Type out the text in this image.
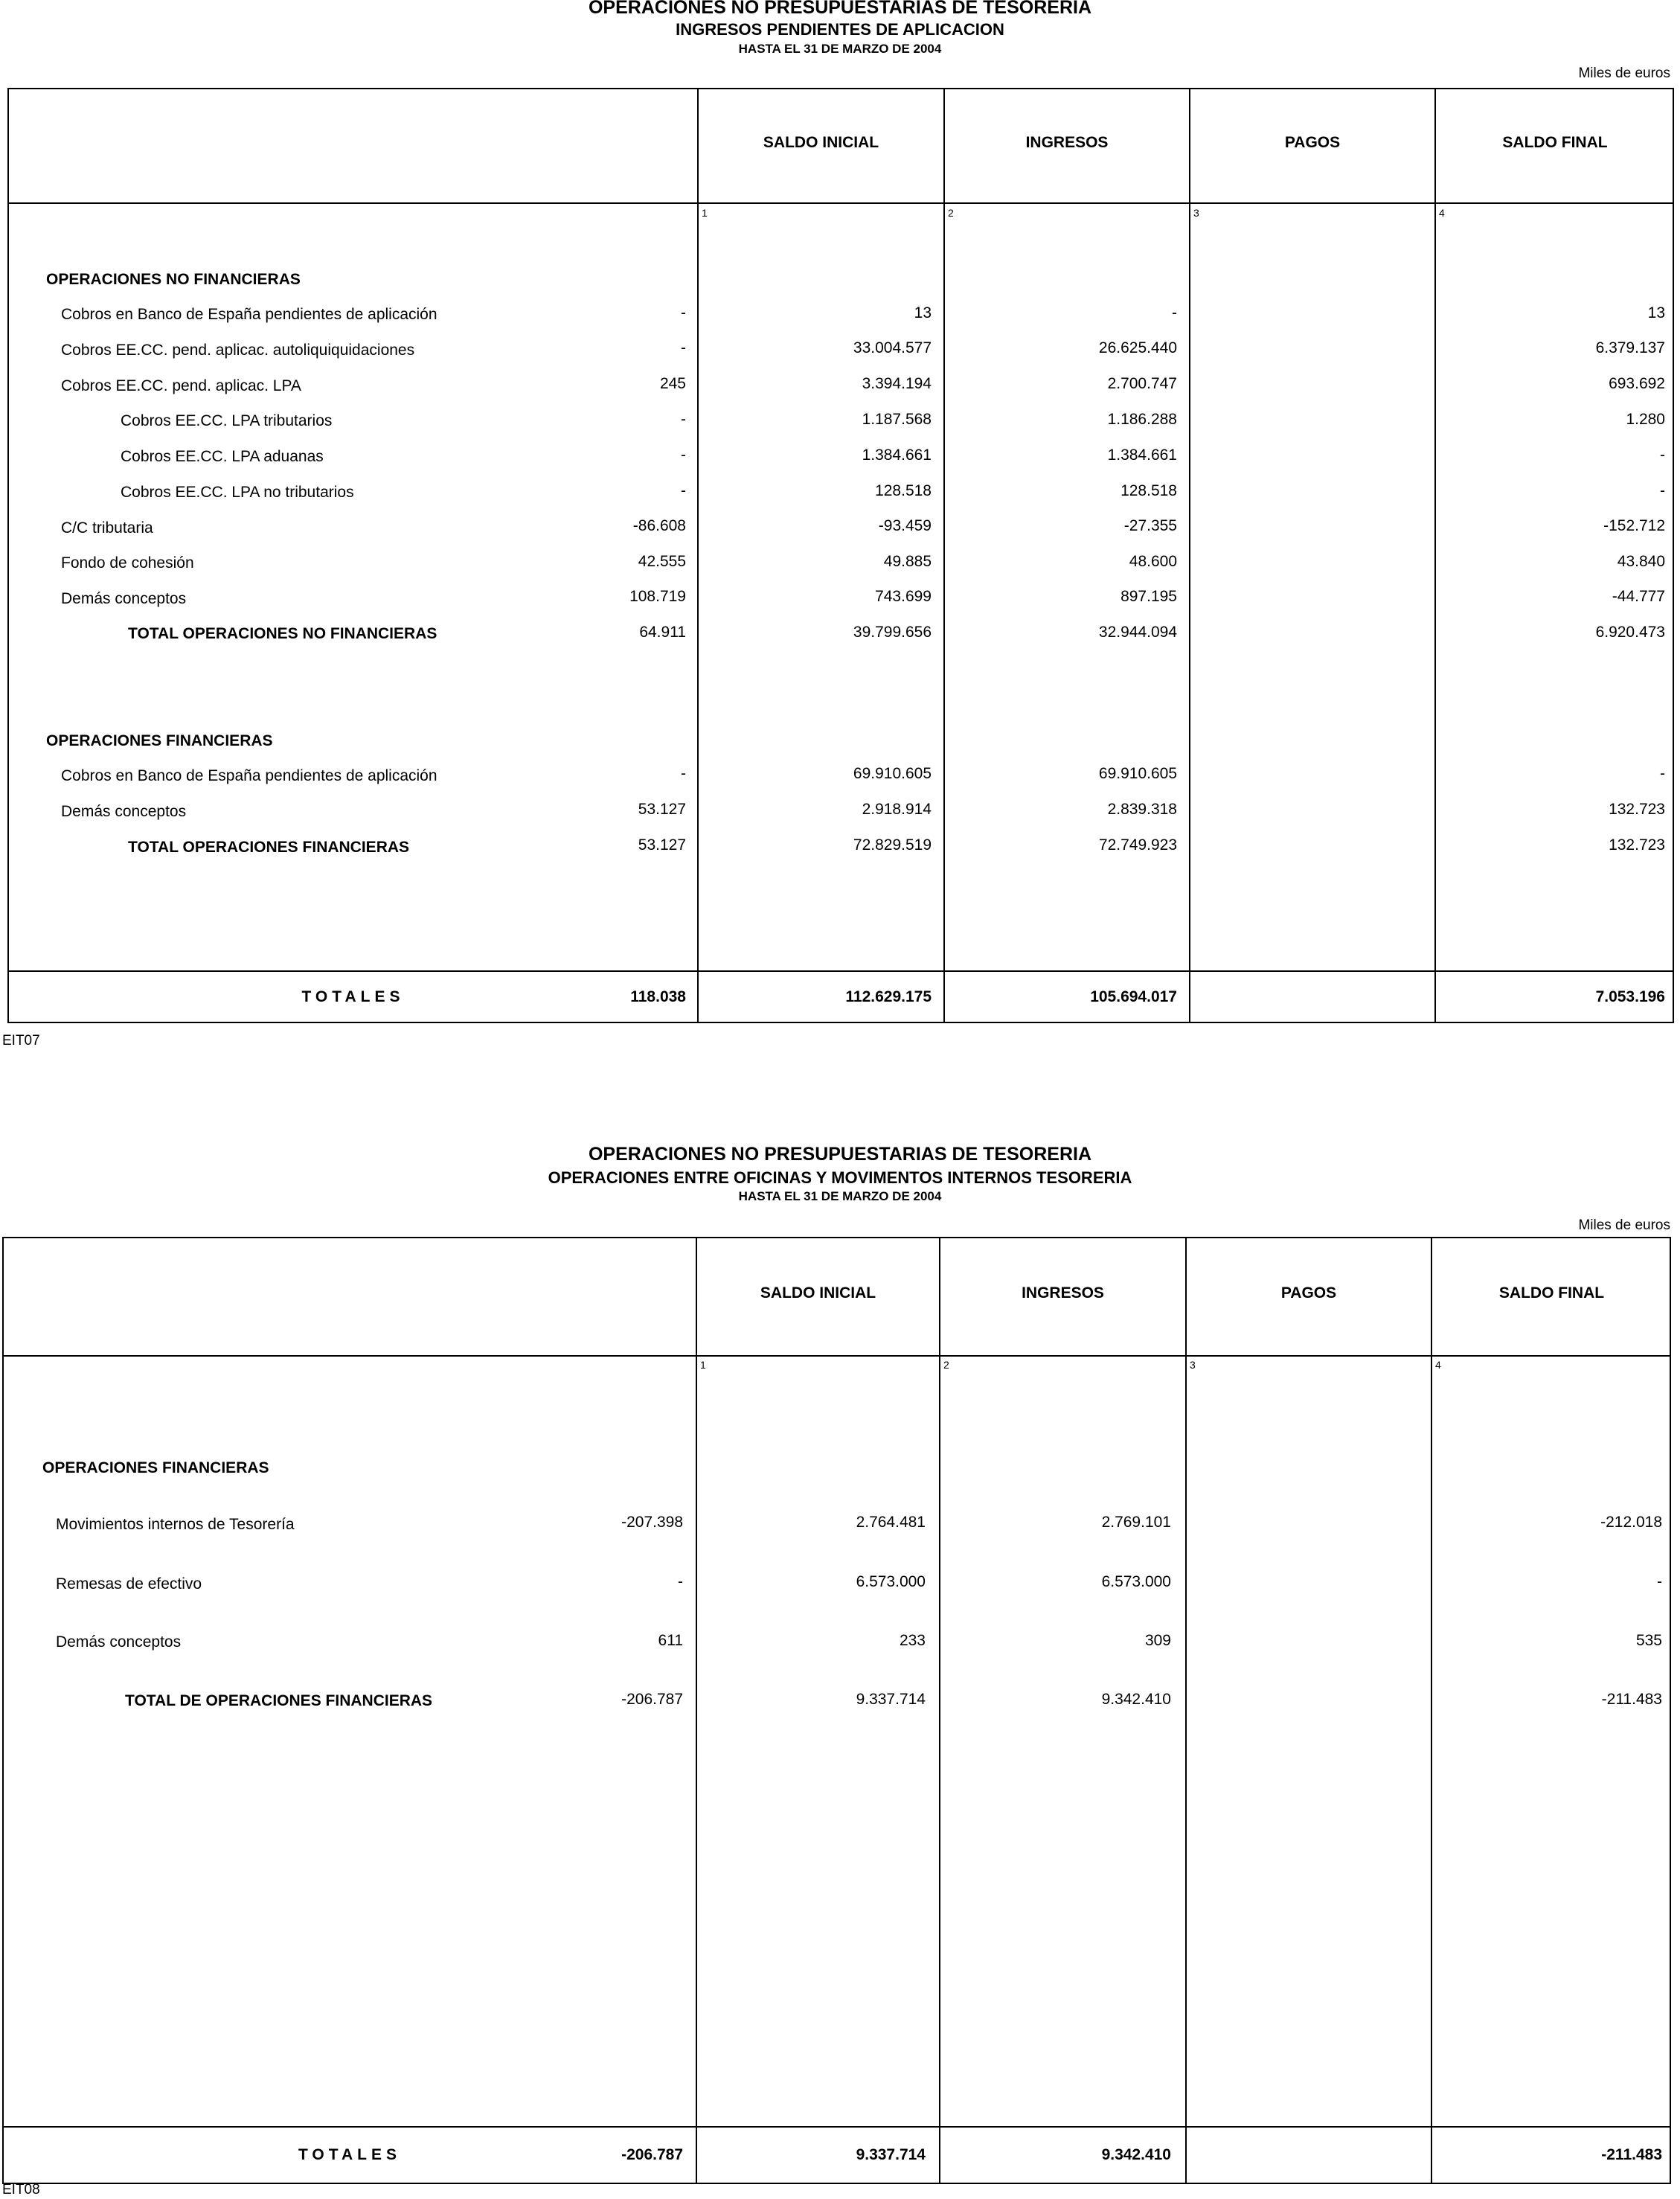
OPERACIONES NO PRESUPUESTARIAS DE TESORERIA
INGRESOS PENDIENTES DE APLICACION
HASTA EL 31 DE MARZO DE 2004
Miles de euros
SALDO INICIAL	INGRESOS	PAGOS	SALDO FINAL
1	2	3	4
OPERACIONES NO FINANCIERAS
Cobros en Banco de España pendientes de aplicación	-	13	-	13
Cobros EE.CC. pend. aplicac. autoliquiquidaciones	-	33.004.577	26.625.440	6.379.137
Cobros EE.CC. pend. aplicac. LPA	245	3.394.194	2.700.747	693.692
Cobros EE.CC. LPA tributarios	-	1.187.568	1.186.288	1.280
Cobros EE.CC. LPA aduanas	-	1.384.661	1.384.661	-
Cobros EE.CC. LPA no tributarios	-	128.518	128.518	-
C/C tributaria	-86.608	-93.459	-27.355	-152.712
Fondo de cohesión	42.555	49.885	48.600	43.840
Demás conceptos	108.719	743.699	897.195	-44.777
TOTAL OPERACIONES NO FINANCIERAS	64.911	39.799.656	32.944.094	6.920.473
OPERACIONES FINANCIERAS
Cobros en Banco de España pendientes de aplicación	-	69.910.605	69.910.605	-
Demás conceptos	53.127	2.918.914	2.839.318	132.723
TOTAL OPERACIONES FINANCIERAS	53.127	72.829.519	72.749.923	132.723
TOTALES	118.038	112.629.175	105.694.017	7.053.196
EIT07
OPERACIONES NO PRESUPUESTARIAS DE TESORERIA
OPERACIONES ENTRE OFICINAS Y MOVIMENTOS INTERNOS TESORERIA
HASTA EL 31 DE MARZO DE 2004
Miles de euros
SALDO INICIAL	INGRESOS	PAGOS	SALDO FINAL
1	2	3	4
OPERACIONES FINANCIERAS
Movimientos internos de Tesorería	-207.398	2.764.481	2.769.101	-212.018
Remesas de efectivo	-	6.573.000	6.573.000	-
Demás conceptos	611	233	309	535
TOTAL DE OPERACIONES FINANCIERAS	-206.787	9.337.714	9.342.410	-211.483
TOTALES	-206.787	9.337.714	9.342.410	-211.483
EIT08
